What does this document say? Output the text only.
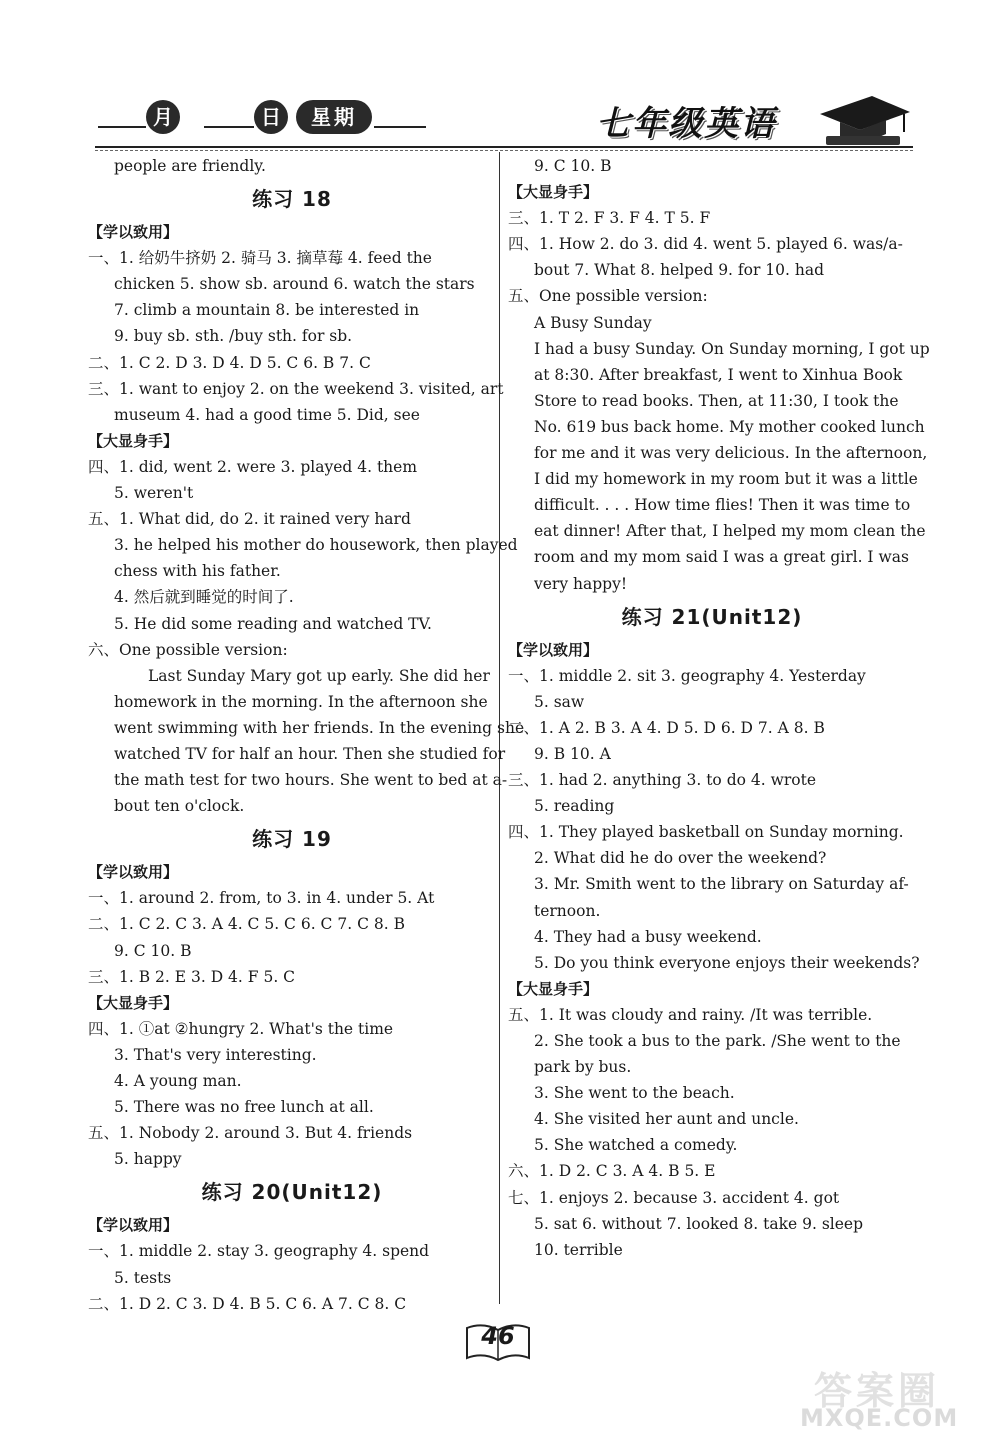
月	日	星期	七年级英语
people are friendly.
练习 18
【学以致用】
一、1. 给奶牛挤奶 2. 骑马 3. 摘草莓 4. feed the
chicken 5. show sb. around 6. watch the stars
7. climb a mountain 8. be interested in
9. buy sb. sth. /buy sth. for sb.
二、1. C 2. D 3. D 4. D 5. C 6. B 7. C
三、1. want to enjoy 2. on the weekend 3. visited, art
museum 4. had a good time 5. Did, see
【大显身手】
四、1. did, went 2. were 3. played 4. them
5. weren't
五、1. What did, do 2. it rained very hard
3. he helped his mother do housework, then played
chess with his father.
4. 然后就到睡觉的时间了.
5. He did some reading and watched TV.
六、One possible version:
Last Sunday Mary got up early. She did her
homework in the morning. In the afternoon she
went swimming with her friends. In the evening she
watched TV for half an hour. Then she studied for
the math test for two hours. She went to bed at a-
bout ten o'clock.
练习 19
【学以致用】
一、1. around 2. from, to 3. in 4. under 5. At
二、1. C 2. C 3. A 4. C 5. C 6. C 7. C 8. B
9. C 10. B
三、1. B 2. E 3. D 4. F 5. C
【大显身手】
四、1. ①at ②hungry 2. What's the time
3. That's very interesting.
4. A young man.
5. There was no free lunch at all.
五、1. Nobody 2. around 3. But 4. friends
5. happy
练习 20(Unit12)
【学以致用】
一、1. middle 2. stay 3. geography 4. spend
5. tests
二、1. D 2. C 3. D 4. B 5. C 6. A 7. C 8. C
9. C 10. B
【大显身手】
三、1. T 2. F 3. F 4. T 5. F
四、1. How 2. do 3. did 4. went 5. played 6. was/a-
bout 7. What 8. helped 9. for 10. had
五、One possible version:
A Busy Sunday
I had a busy Sunday. On Sunday morning, I got up
at 8:30. After breakfast, I went to Xinhua Book
Store to read books. Then, at 11:30, I took the
No. 619 bus back home. My mother cooked lunch
for me and it was very delicious. In the afternoon,
I did my homework in my room but it was a little
difficult. . . . How time flies! Then it was time to
eat dinner! After that, I helped my mom clean the
room and my mom said I was a great girl. I was
very happy!
练习 21(Unit12)
【学以致用】
一、1. middle 2. sit 3. geography 4. Yesterday
5. saw
二、1. A 2. B 3. A 4. D 5. D 6. D 7. A 8. B
9. B 10. A
三、1. had 2. anything 3. to do 4. wrote
5. reading
四、1. They played basketball on Sunday morning.
2. What did he do over the weekend?
3. Mr. Smith went to the library on Saturday af-
ternoon.
4. They had a busy weekend.
5. Do you think everyone enjoys their weekends?
【大显身手】
五、1. It was cloudy and rainy. /It was terrible.
2. She took a bus to the park. /She went to the
park by bus.
3. She went to the beach.
4. She visited her aunt and uncle.
5. She watched a comedy.
六、1. D 2. C 3. A 4. B 5. E
七、1. enjoys 2. because 3. accident 4. got
5. sat 6. without 7. looked 8. take 9. sleep
10. terrible
46
答案圈
MXQE.COM
